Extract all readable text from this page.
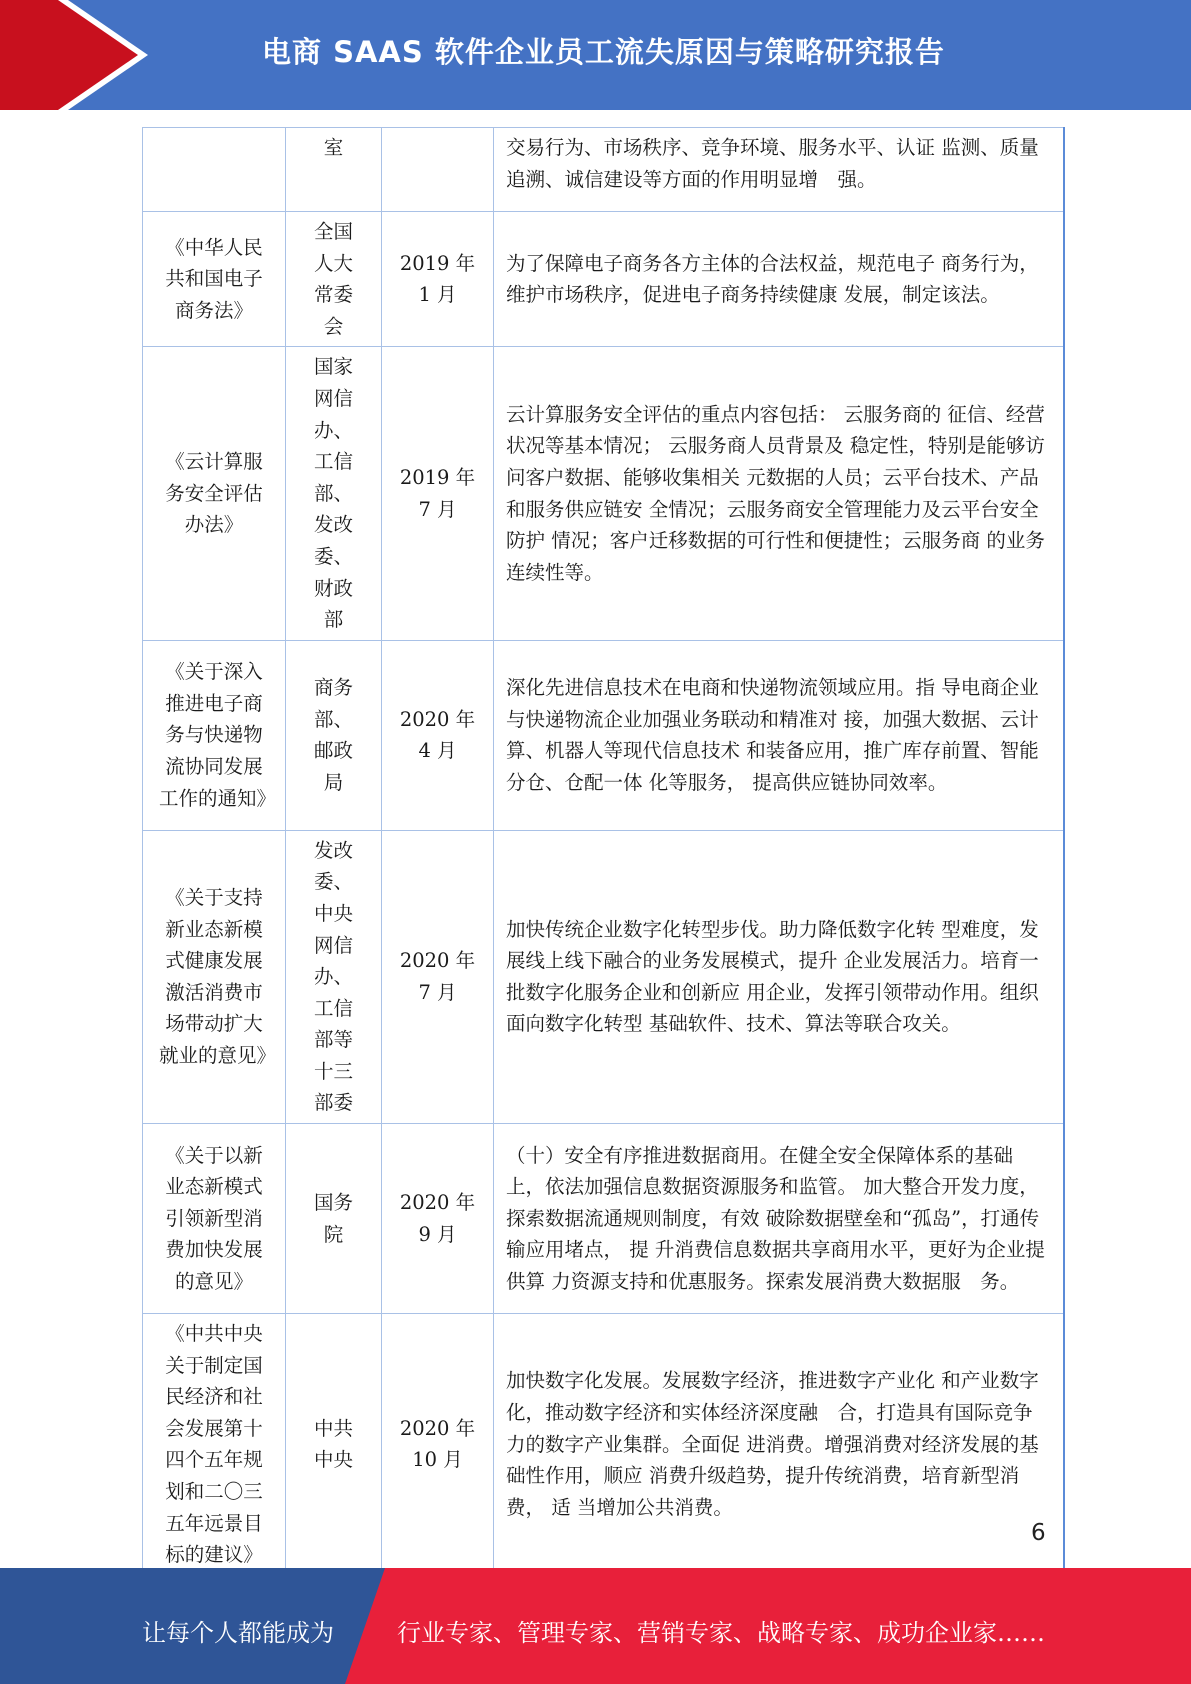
电商 SAAS 软件企业员工流失原因与策略研究报告
	室		交易行为、市场秩序、竞争环境、服务水平、认证 监测、质量追溯、诚信建设等方面的作用明显增　强。
《中华人民共和国电子商务法》	全国人大常委会	2019 年 1 月	为了保障电子商务各方主体的合法权益，规范电子 商务行为， 维护市场秩序，促进电子商务持续健康 发展，制定该法。
《云计算服务安全评估办法》	国家网信办、工信部、发改委、财政部	2019 年 7 月	云计算服务安全评估的重点内容包括： 云服务商的 征信、经营状况等基本情况； 云服务商人员背景及 稳定性，特别是能够访问客户数据、能够收集相关 元数据的人员；云平台技术、产品和服务供应链安 全情况；云服务商安全管理能力及云平台安全防护 情况；客户迁移数据的可行性和便捷性；云服务商 的业务连续性等。
《关于深入推进电子商务与快递物流协同发展工作的通知》	商务部、邮政局	2020 年 4 月	深化先进信息技术在电商和快递物流领域应用。指 导电商企业与快递物流企业加强业务联动和精准对 接，加强大数据、云计算、机器人等现代信息技术 和装备应用，推广库存前置、智能分仓、仓配一体 化等服务， 提高供应链协同效率。
《关于支持新业态新模式健康发展激活消费市场带动扩大就业的意见》	发改委、中央网信办、工信部等十三部委	2020 年 7 月	加快传统企业数字化转型步伐。助力降低数字化转 型难度，发展线上线下融合的业务发展模式，提升 企业发展活力。培育一批数字化服务企业和创新应 用企业，发挥引领带动作用。组织面向数字化转型 基础软件、技术、算法等联合攻关。
《关于以新业态新模式引领新型消费加快发展的意见》	国务院	2020 年 9 月	（十）安全有序推进数据商用。在健全安全保障体系的基础上，依法加强信息数据资源服务和监管。 加大整合开发力度， 探索数据流通规则制度，有效 破除数据壁垒和“孤岛”，打通传输应用堵点， 提 升消费信息数据共享商用水平，更好为企业提供算 力资源支持和优惠服务。探索发展消费大数据服　务。
《中共中央关于制定国民经济和社会发展第十四个五年规划和二〇三五年远景目标的建议》	中共中央	2020 年 10 月	加快数字化发展。发展数字经济，推进数字产业化 和产业数字化，推动数字经济和实体经济深度融　合，打造具有国际竞争力的数字产业集群。全面促 进消费。增强消费对经济发展的基础性作用，顺应 消费升级趋势，提升传统消费，培育新型消费， 适 当增加公共消费。
6
让每个人都能成为	行业专家、管理专家、营销专家、战略专家、成功企业家……
